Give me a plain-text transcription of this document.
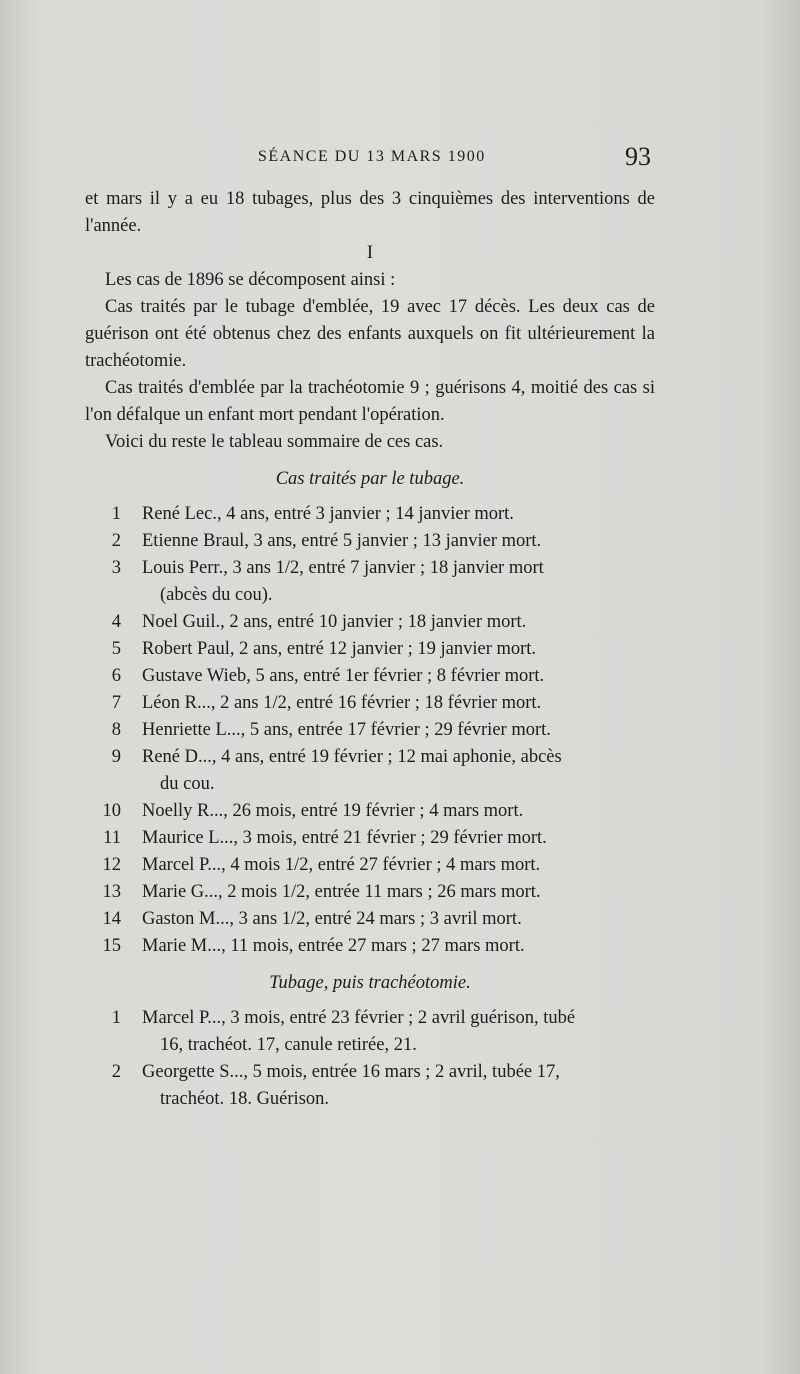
SÉANCE DU 13 MARS 1900	93

et mars il y a eu 18 tubages, plus des 3 cinquièmes des interventions de l'année.

I

Les cas de 1896 se décomposent ainsi :

Cas traités par le tubage d'emblée, 19 avec 17 décès. Les deux cas de guérison ont été obtenus chez des enfants auxquels on fit ultérieurement la trachéotomie.

Cas traités d'emblée par la trachéotomie 9 ; guérisons 4, moitié des cas si l'on défalque un enfant mort pendant l'opération.

Voici du reste le tableau sommaire de ces cas.

Cas traités par le tubage.

1 René Lec., 4 ans, entré 3 janvier ; 14 janvier mort.
2 Etienne Braul, 3 ans, entré 5 janvier ; 13 janvier mort.
3 Louis Perr., 3 ans 1/2, entré 7 janvier ; 18 janvier mort
(abcès du cou).
4 Noel Guil., 2 ans, entré 10 janvier ; 18 janvier mort.
5 Robert Paul, 2 ans, entré 12 janvier ; 19 janvier mort.
6 Gustave Wieb, 5 ans, entré 1er février ; 8 février mort.
7 Léon R..., 2 ans 1/2, entré 16 février ; 18 février mort.
8 Henriette L..., 5 ans, entrée 17 février ; 29 février mort.
9 René D..., 4 ans, entré 19 février ; 12 mai aphonie, abcès
du cou.
10 Noelly R..., 26 mois, entré 19 février ; 4 mars mort.
11 Maurice L..., 3 mois, entré 21 février ; 29 février mort.
12 Marcel P..., 4 mois 1/2, entré 27 février ; 4 mars mort.
13 Marie G..., 2 mois 1/2, entrée 11 mars ; 26 mars mort.
14 Gaston M..., 3 ans 1/2, entré 24 mars ; 3 avril mort.
15 Marie M..., 11 mois, entrée 27 mars ; 27 mars mort.

Tubage, puis trachéotomie.

1 Marcel P..., 3 mois, entré 23 février ; 2 avril guérison, tubé
16, trachéot. 17, canule retirée, 21.
2 Georgette S..., 5 mois, entrée 16 mars ; 2 avril, tubée 17,
trachéot. 18. Guérison.
